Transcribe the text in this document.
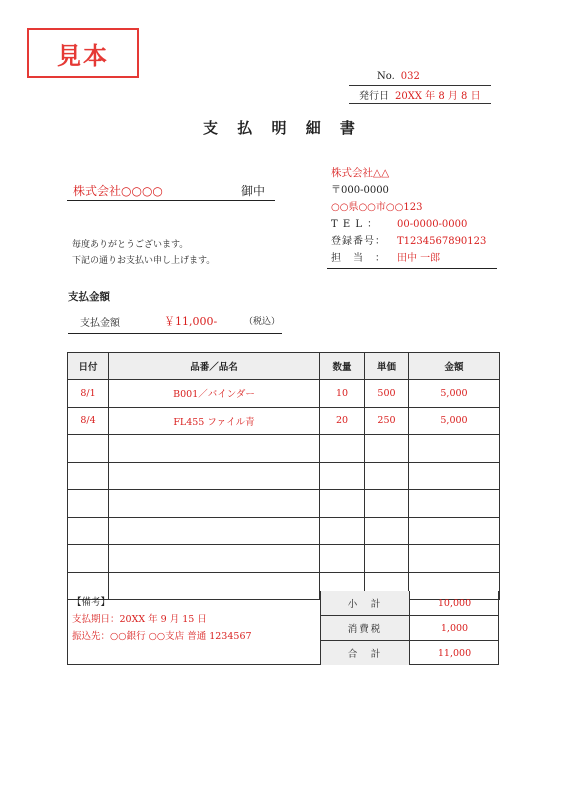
見本
No. 032
発行日 20XX 年 8 月 8 日
支 払 明 細 書
株式会社○○○○	御中
毎度ありがとうございます。
下記の通りお支払い申し上げます。
株式会社△△
〒000-0000
○○県○○市○○123
T E L ：	00-0000-0000
登録番号：	T1234567890123
担　当　：	田中 一郎
支払金額
支払金額	￥11,000-	（税込）
日付	品番／品名	数量	単価	金額
8/1	B001／バインダー	10	500	5,000
8/4	FL455 ファイル青	20	250	5,000

【備考】
支払期日：20XX 年 9 月 15 日
振込先：○○銀行 ○○支店 普通 1234567
小　計	10,000
消費税	1,000
合　計	11,000
